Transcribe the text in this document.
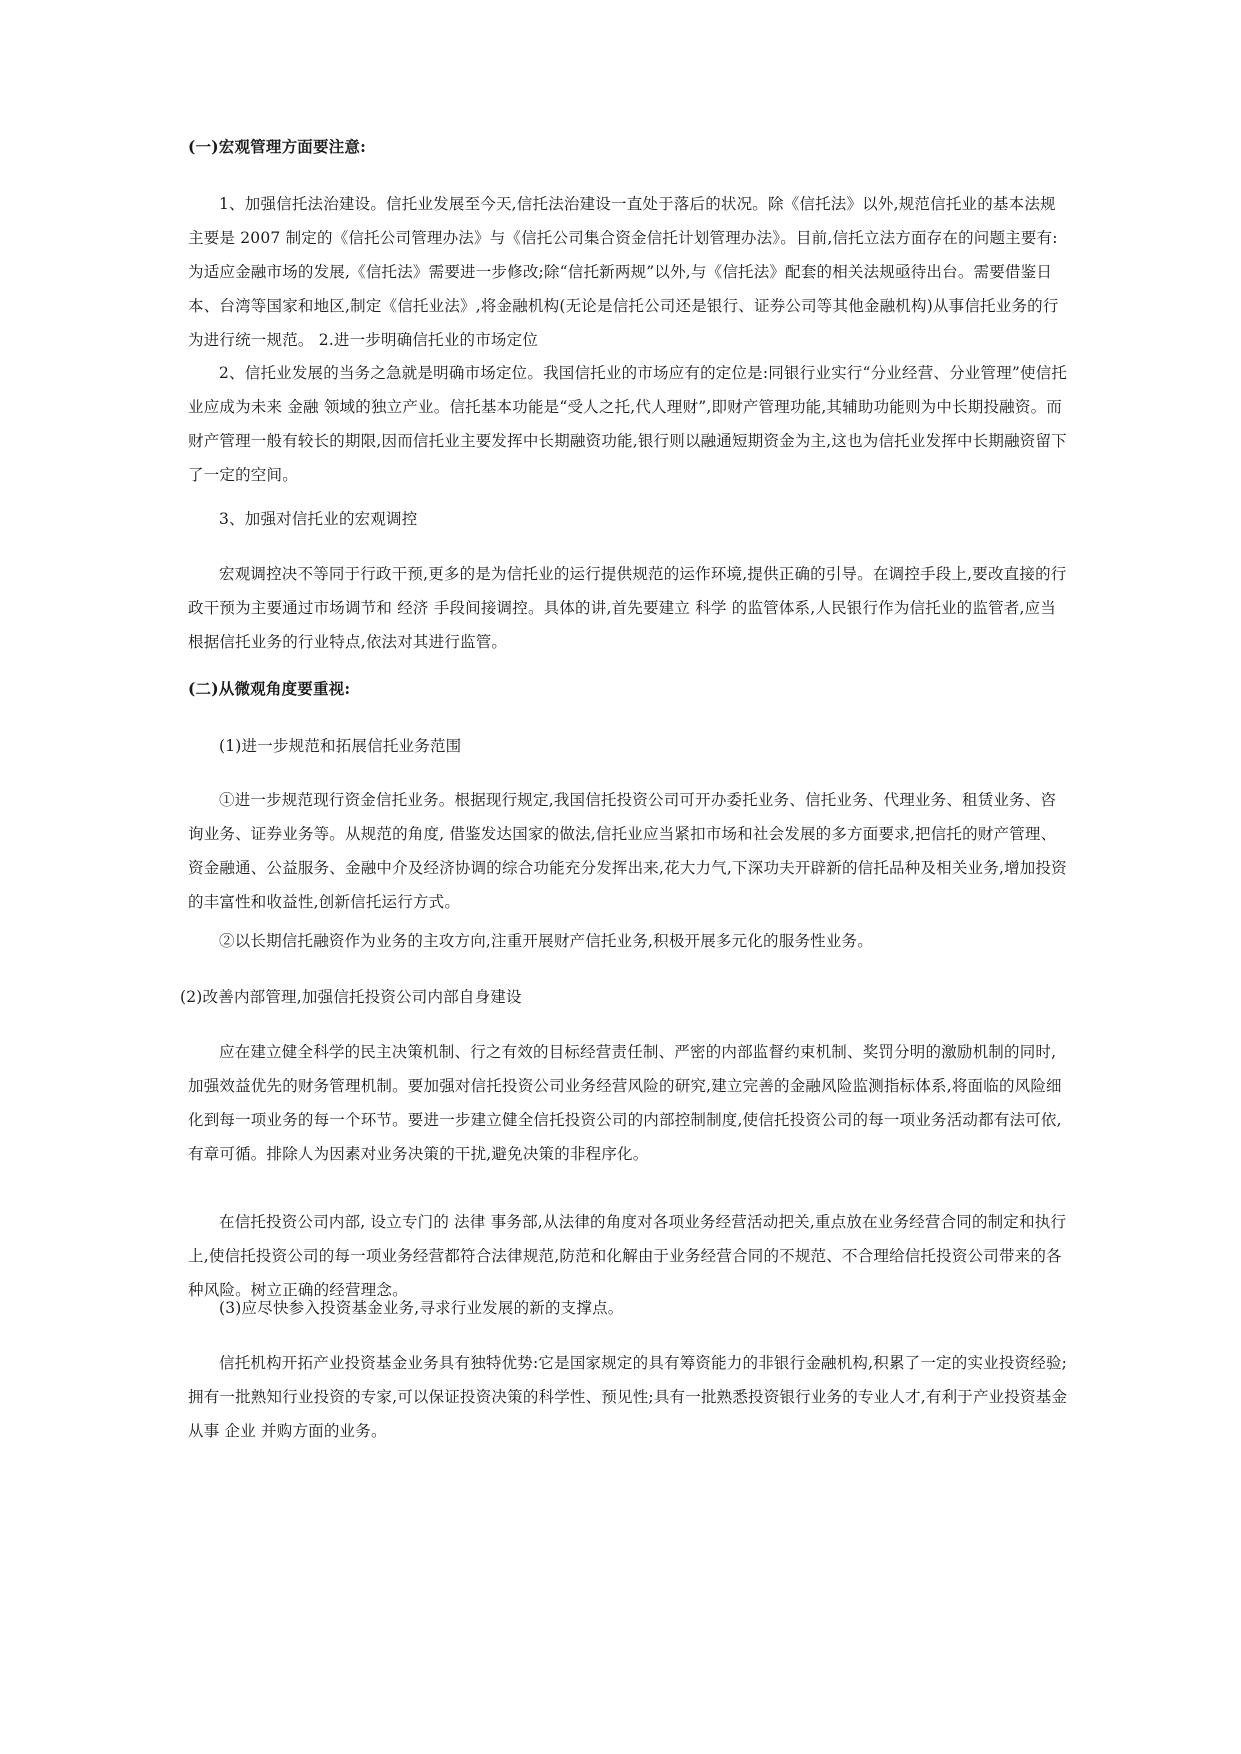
(一)宏观管理方面要注意:

1、加强信托法治建设。信托业发展至今天,信托法治建设一直处于落后的状况。除《信托法》以外,规范信托业的基本法规主要是 2007 制定的《信托公司管理办法》与《信托公司集合资金信托计划管理办法》。目前,信托立法方面存在的问题主要有:为适应金融市场的发展,《信托法》需要进一步修改;除“信托新两规”以外,与《信托法》配套的相关法规亟待出台。需要借鉴日本、台湾等国家和地区,制定《信托业法》,将金融机构(无论是信托公司还是银行、证券公司等其他金融机构)从事信托业务的行为进行统一规范。 2.进一步明确信托业的市场定位

2、信托业发展的当务之急就是明确市场定位。我国信托业的市场应有的定位是:同银行业实行“分业经营、分业管理”使信托业应成为未来 金融 领域的独立产业。信托基本功能是“受人之托,代人理财”,即财产管理功能,其辅助功能则为中长期投融资。而财产管理一般有较长的期限,因而信托业主要发挥中长期融资功能,银行则以融通短期资金为主,这也为信托业发挥中长期融资留下了一定的空间。

3、加强对信托业的宏观调控

宏观调控决不等同于行政干预,更多的是为信托业的运行提供规范的运作环境,提供正确的引导。在调控手段上,要改直接的行政干预为主要通过市场调节和 经济 手段间接调控。具体的讲,首先要建立 科学 的监管体系,人民银行作为信托业的监管者,应当根据信托业务的行业特点,依法对其进行监管。

(二)从微观角度要重视:

(1)进一步规范和拓展信托业务范围

①进一步规范现行资金信托业务。根据现行规定,我国信托投资公司可开办委托业务、信托业务、代理业务、租赁业务、咨询业务、证券业务等。从规范的角度, 借鉴发达国家的做法,信托业应当紧扣市场和社会发展的多方面要求,把信托的财产管理、资金融通、公益服务、金融中介及经济协调的综合功能充分发挥出来,花大力气,下深功夫开辟新的信托品种及相关业务,增加投资的丰富性和收益性,创新信托运行方式。

②以长期信托融资作为业务的主攻方向,注重开展财产信托业务,积极开展多元化的服务性业务。

(2)改善内部管理,加强信托投资公司内部自身建设

应在建立健全科学的民主决策机制、行之有效的目标经营责任制、严密的内部监督约束机制、奖罚分明的激励机制的同时,加强效益优先的财务管理机制。要加强对信托投资公司业务经营风险的研究,建立完善的金融风险监测指标体系,将面临的风险细化到每一项业务的每一个环节。要进一步建立健全信托投资公司的内部控制制度,使信托投资公司的每一项业务活动都有法可依,有章可循。排除人为因素对业务决策的干扰,避免决策的非程序化。

在信托投资公司内部, 设立专门的 法律 事务部,从法律的角度对各项业务经营活动把关,重点放在业务经营合同的制定和执行上,使信托投资公司的每一项业务经营都符合法律规范,防范和化解由于业务经营合同的不规范、不合理给信托投资公司带来的各种风险。树立正确的经营理念。

(3)应尽快参入投资基金业务,寻求行业发展的新的支撑点。

信托机构开拓产业投资基金业务具有独特优势:它是国家规定的具有筹资能力的非银行金融机构,积累了一定的实业投资经验;拥有一批熟知行业投资的专家,可以保证投资决策的科学性、预见性;具有一批熟悉投资银行业务的专业人才,有利于产业投资基金从事 企业 并购方面的业务。
